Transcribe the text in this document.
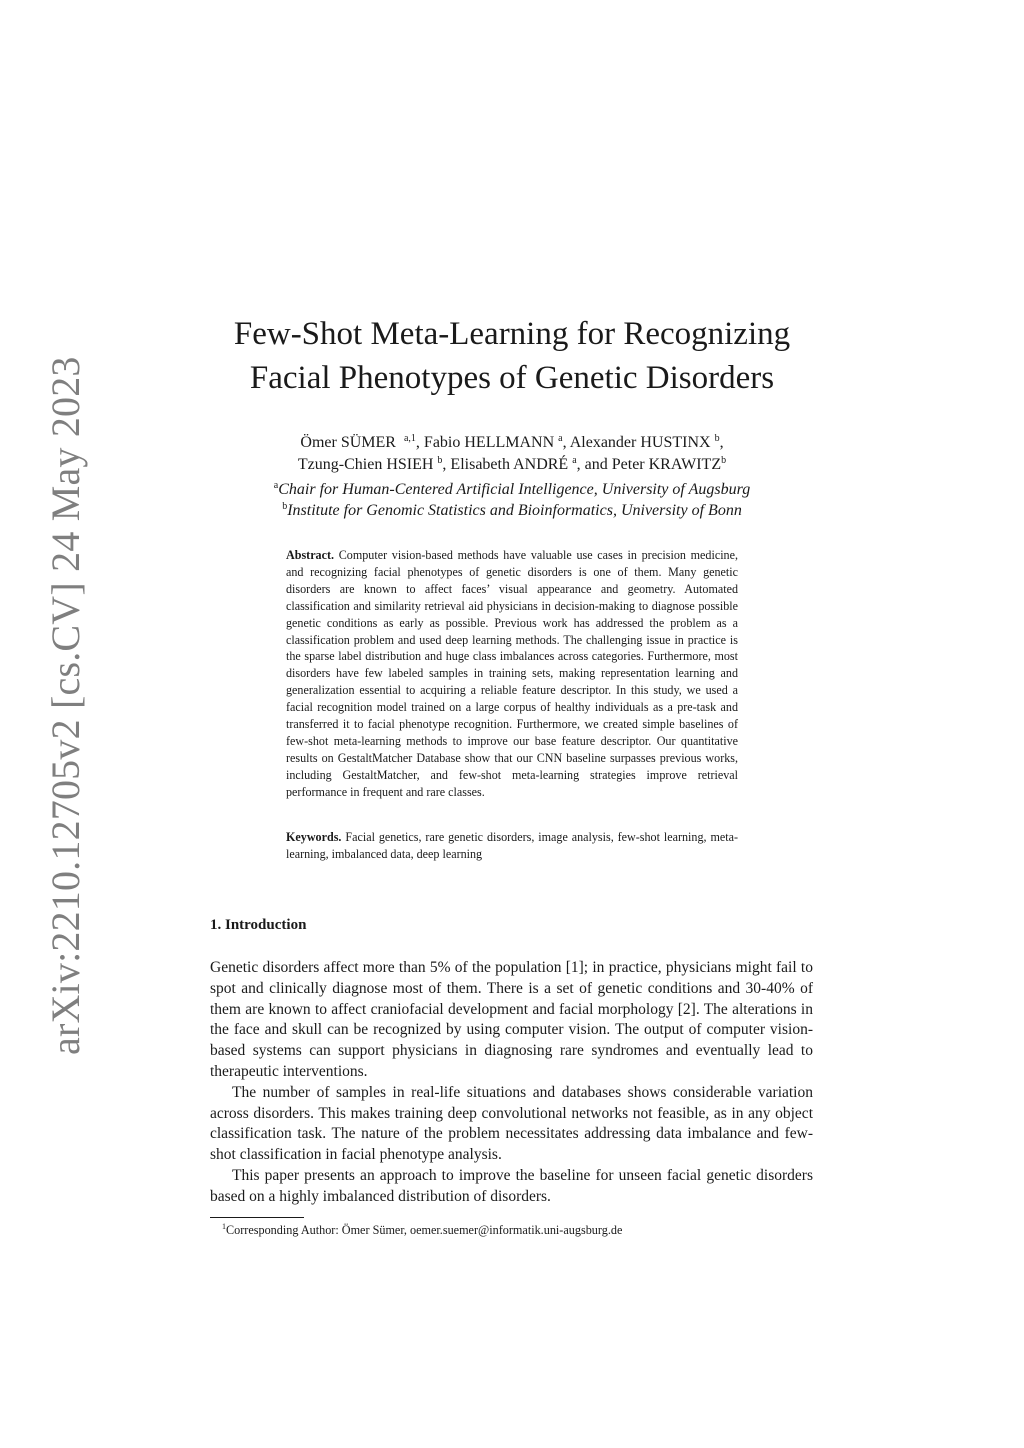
arXiv:2210.12705v2 [cs.CV] 24 May 2023
Few-Shot Meta-Learning for Recognizing
Facial Phenotypes of Genetic Disorders
Ömer SÜMER $^{a,1}$, Fabio HELLMANN $^a$, Alexander HUSTINX $^b$,
Tzung-Chien HSIEH $^b$, Elisabeth ANDRÉ $^a$, and Peter KRAWITZ$^b$
$^a$Chair for Human-Centered Artificial Intelligence, University of Augsburg
$^b$Institute for Genomic Statistics and Bioinformatics, University of Bonn
Abstract. Computer vision-based methods have valuable use cases in precision medicine, and recognizing facial phenotypes of genetic disorders is one of them. Many genetic disorders are known to affect faces’ visual appearance and geometry. Automated classification and similarity retrieval aid physicians in decision-making to diagnose possible genetic conditions as early as possible. Previous work has addressed the problem as a classification problem and used deep learning methods. The challenging issue in practice is the sparse label distribution and huge class imbalances across categories. Furthermore, most disorders have few labeled samples in training sets, making representation learning and generalization essential to acquiring a reliable feature descriptor. In this study, we used a facial recognition model trained on a large corpus of healthy individuals as a pre-task and transferred it to facial phenotype recognition. Furthermore, we created simple baselines of few-shot meta-learning methods to improve our base feature descriptor. Our quantitative results on GestaltMatcher Database show that our CNN baseline surpasses previous works, including GestaltMatcher, and few-shot meta-learning strategies improve retrieval performance in frequent and rare classes.
Keywords. Facial genetics, rare genetic disorders, image analysis, few-shot learning, meta-learning, imbalanced data, deep learning
1. Introduction

Genetic disorders affect more than 5% of the population [1]; in practice, physicians might fail to spot and clinically diagnose most of them. There is a set of genetic conditions and 30-40% of them are known to affect craniofacial development and facial morphology [2]. The alterations in the face and skull can be recognized by using computer vision. The output of computer vision-based systems can support physicians in diagnosing rare syndromes and eventually lead to therapeutic interventions.

The number of samples in real-life situations and databases shows considerable variation across disorders. This makes training deep convolutional networks not feasible, as in any object classification task. The nature of the problem necessitates addressing data imbalance and few-shot classification in facial phenotype analysis.

This paper presents an approach to improve the baseline for unseen facial genetic disorders based on a highly imbalanced distribution of disorders.

$^1$Corresponding Author: Ömer Sümer, oemer.suemer@informatik.uni-augsburg.de
